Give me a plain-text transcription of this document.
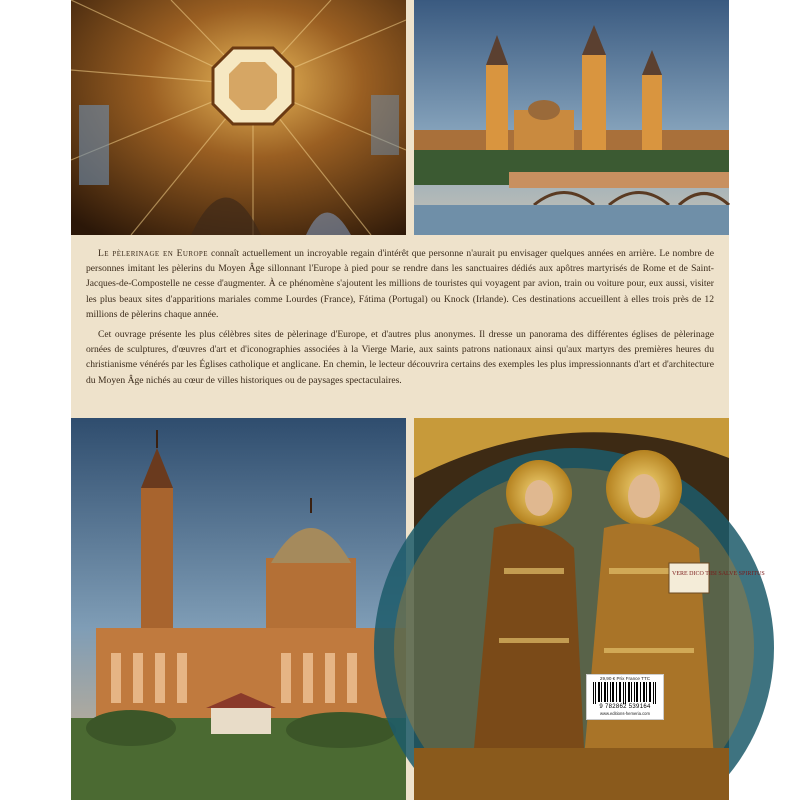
Le pèlerinage en Europe connaît actuellement un incroyable regain d'intérêt que personne n'aurait pu envisager quelques années en arrière. Le nombre de personnes imitant les pèlerins du Moyen Âge sillonnant l'Europe à pied pour se rendre dans les sanctuaires dédiés aux apôtres martyrisés de Rome et de Saint-Jacques-de-Compostelle ne cesse d'augmenter. À ce phénomène s'ajoutent les millions de touristes qui voyagent par avion, train ou voiture pour, eux aussi, visiter les plus beaux sites d'apparitions mariales comme Lourdes (France), Fátima (Portugal) ou Knock (Irlande). Ces destinations accueillent à elles trois près de 12 millions de pèlerins chaque année.

Cet ouvrage présente les plus célèbres sites de pèlerinage d'Europe, et d'autres plus anonymes. Il dresse un panorama des différentes églises de pèlerinage ornées de sculptures, d'œuvres d'art et d'iconographies associées à la Vierge Marie, aux saints patrons nationaux ainsi qu'aux martyrs des premières heures du christianisme vénérés par les Églises catholique et anglicane. En chemin, le lecteur découvrira certains des exemples les plus impressionnants d'art et d'architecture du Moyen Âge nichés au cœur de villes historiques ou de paysages spectaculaires.

VERE DICO TIBI SALVE SPIRITUS
29,90 € Prix France TTC
9 782862 539164
www.editions-hemeria.com
